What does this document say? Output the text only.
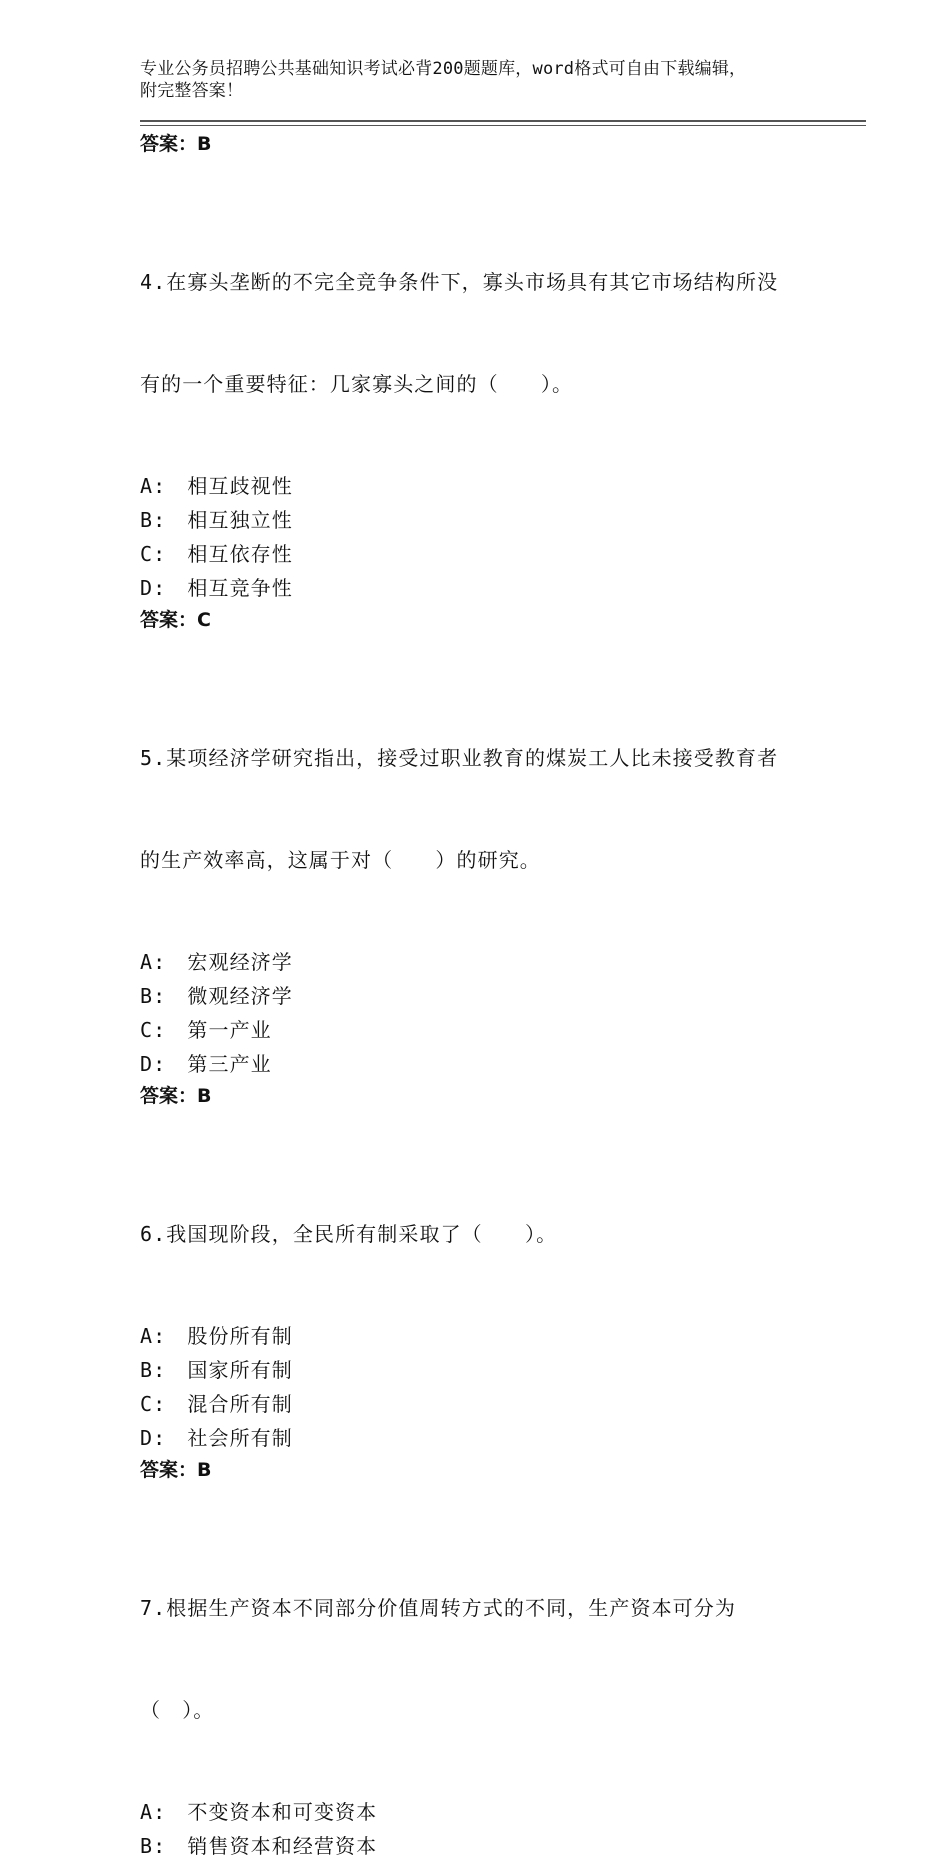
专业公务员招聘公共基础知识考试必背200题题库，word格式可自由下载编辑，
附完整答案！
答案：B

4.在寡头垄断的不完全竞争条件下，寡头市场具有其它市场结构所没

有的一个重要特征：几家寡头之间的（　　）。

A:　相互歧视性
B:　相互独立性
C:　相互依存性
D:　相互竞争性
答案：C

5.某项经济学研究指出，接受过职业教育的煤炭工人比未接受教育者

的生产效率高，这属于对（　　）的研究。

A:　宏观经济学
B:　微观经济学
C:　第一产业
D:　第三产业
答案：B

6.我国现阶段，全民所有制采取了（　　）。

A:　股份所有制
B:　国家所有制
C:　混合所有制
D:　社会所有制
答案：B

7.根据生产资本不同部分价值周转方式的不同，生产资本可分为

（　）。

A:　不变资本和可变资本
B:　销售资本和经营资本
